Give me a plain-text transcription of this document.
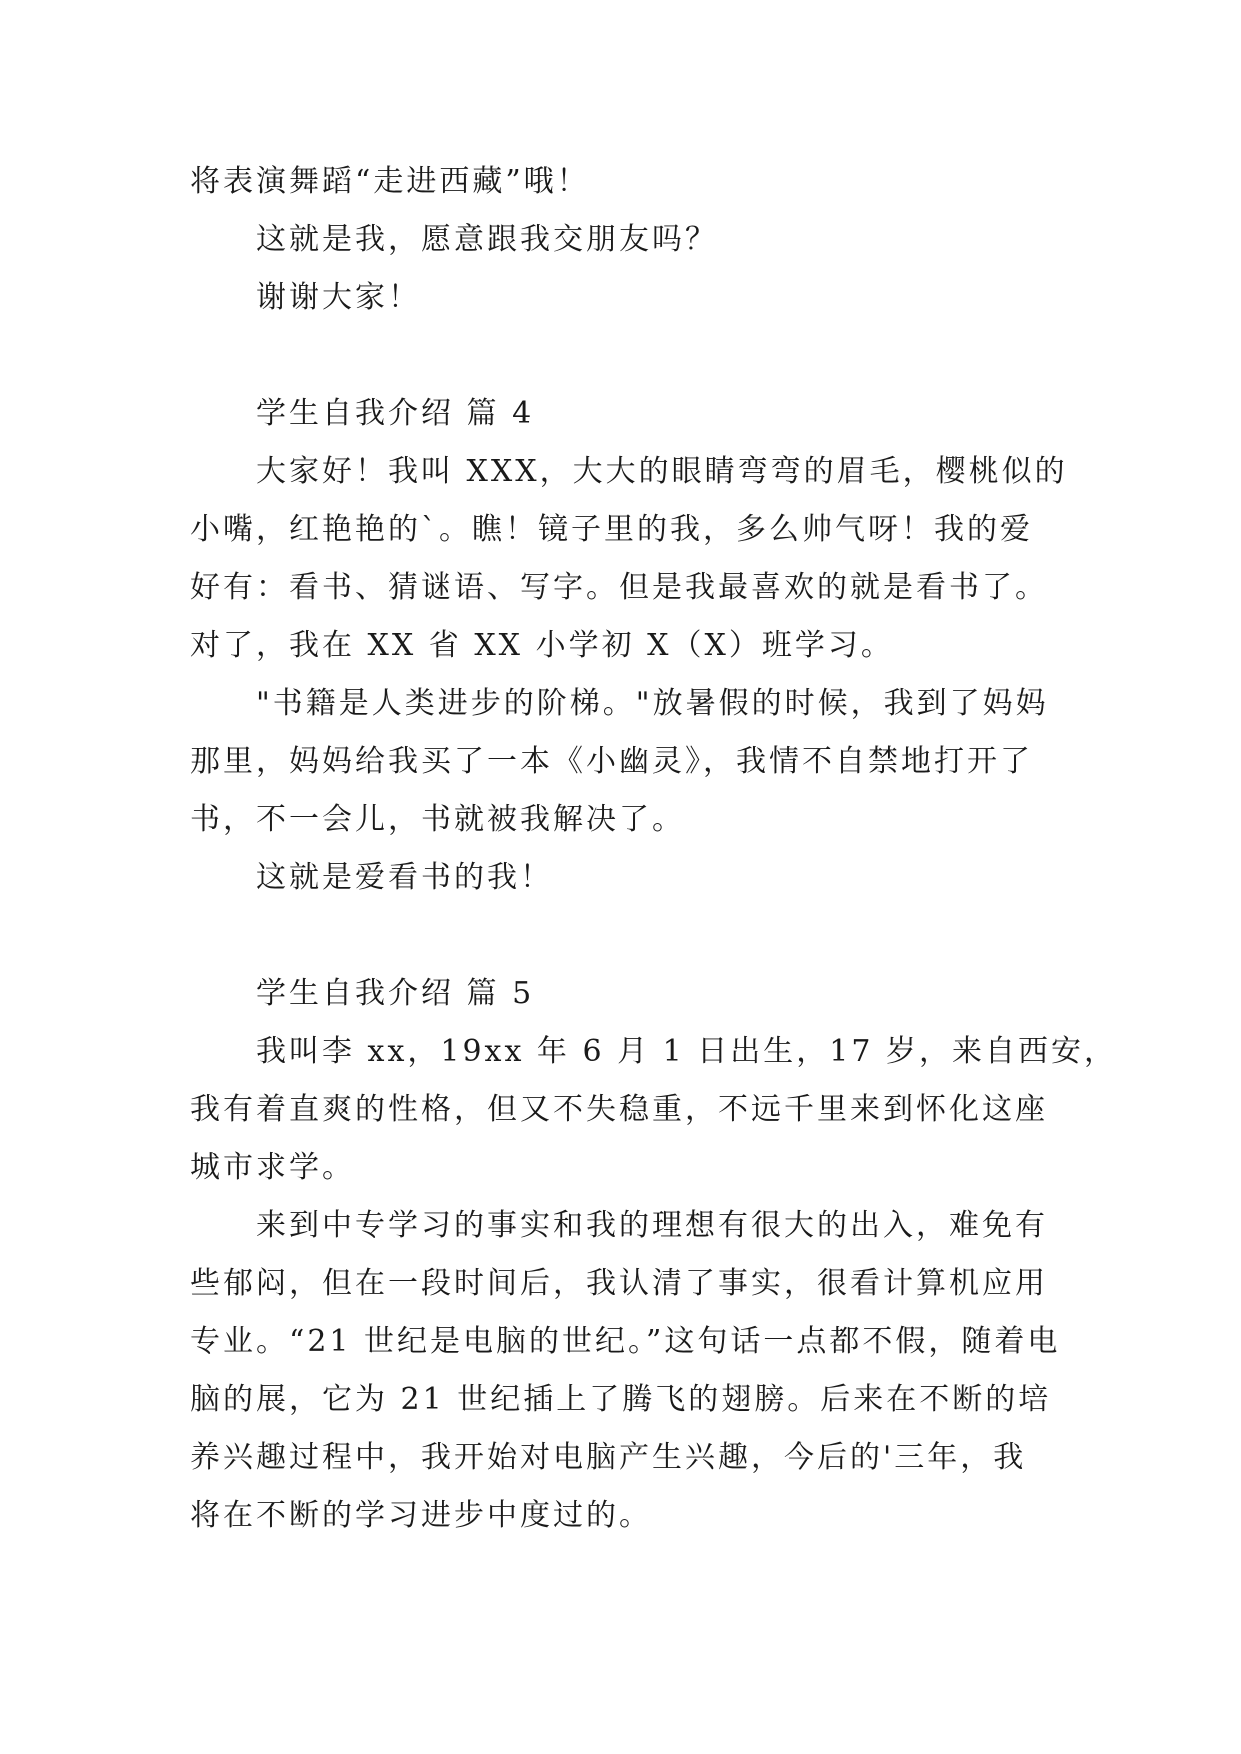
将表演舞蹈“走进西藏”哦！
这就是我，愿意跟我交朋友吗？
谢谢大家！
学生自我介绍 篇 4
大家好！我叫 XXX，大大的眼睛弯弯的眉毛，樱桃似的
小嘴，红艳艳的`。瞧！镜子里的我，多么帅气呀！我的爱
好有：看书、猜谜语、写字。但是我最喜欢的就是看书了。
对了，我在 XX 省 XX 小学初 X（X）班学习。
"书籍是人类进步的阶梯。"放暑假的时候，我到了妈妈
那里，妈妈给我买了一本《小幽灵》，我情不自禁地打开了
书，不一会儿，书就被我解决了。
这就是爱看书的我！
学生自我介绍 篇 5
我叫李 xx，19xx 年 6 月 1 日出生，17 岁，来自西安，
我有着直爽的性格，但又不失稳重，不远千里来到怀化这座
城市求学。
来到中专学习的事实和我的理想有很大的出入，难免有
些郁闷，但在一段时间后，我认清了事实，很看计算机应用
专业。“21 世纪是电脑的世纪。”这句话一点都不假，随着电
脑的展，它为 21 世纪插上了腾飞的翅膀。后来在不断的培
养兴趣过程中，我开始对电脑产生兴趣，今后的'三年，我
将在不断的学习进步中度过的。
